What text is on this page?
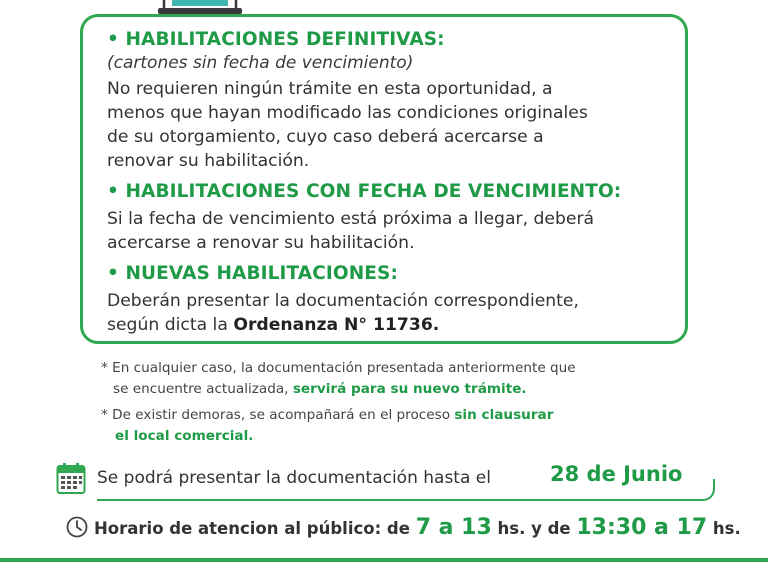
• HABILITACIONES DEFINITIVAS:
(cartones sin fecha de vencimiento)
No requieren ningún trámite en esta oportunidad, a
menos que hayan modificado las condiciones originales
de su otorgamiento, cuyo caso deberá acercarse a
renovar su habilitación.
• HABILITACIONES CON FECHA DE VENCIMIENTO:
Si la fecha de vencimiento está próxima a llegar, deberá
acercarse a renovar su habilitación.
• NUEVAS HABILITACIONES:
Deberán presentar la documentación correspondiente,
según dicta la Ordenanza N° 11736.
* En cualquier caso, la documentación presentada anteriormente que
se encuentre actualizada, servirá para su nuevo trámite.
* De existir demoras, se acompañará en el proceso sin clausurar
el local comercial.
Se podrá presentar la documentación hasta el	28 de Junio
Horario de atencion al público: de 7 a 13 hs. y de 13:30 a 17 hs.
